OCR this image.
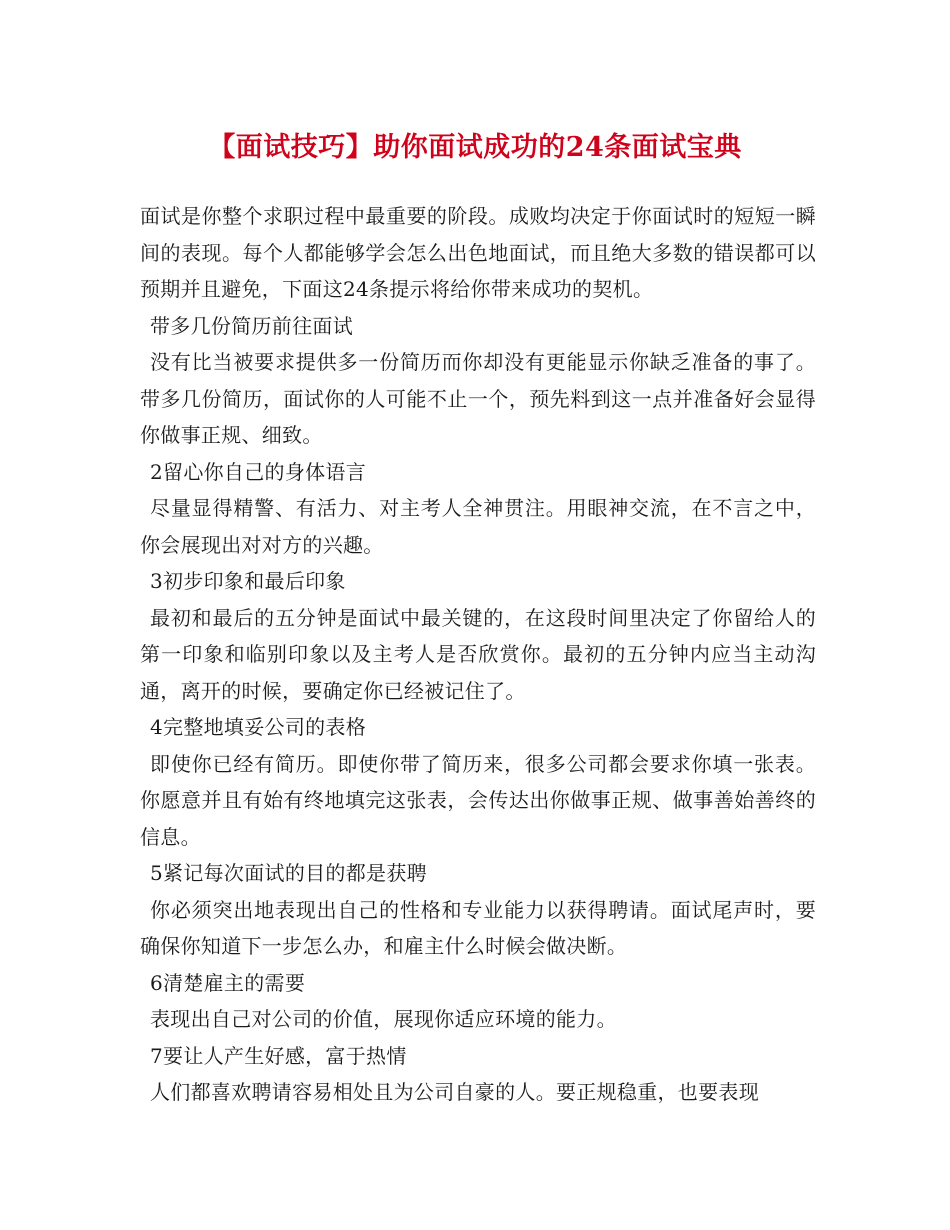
【面试技巧】助你面试成功的24条面试宝典

面试是你整个求职过程中最重要的阶段。成败均决定于你面试时的短短一瞬间的表现。每个人都能够学会怎么出色地面试，而且绝大多数的错误都可以预期并且避免，下面这24条提示将给你带来成功的契机。

带多几份简历前往面试

没有比当被要求提供多一份简历而你却没有更能显示你缺乏准备的事了。带多几份简历，面试你的人可能不止一个，预先料到这一点并准备好会显得你做事正规、细致。

2留心你自己的身体语言

尽量显得精警、有活力、对主考人全神贯注。用眼神交流，在不言之中，你会展现出对对方的兴趣。

3初步印象和最后印象

最初和最后的五分钟是面试中最关键的，在这段时间里决定了你留给人的第一印象和临别印象以及主考人是否欣赏你。最初的五分钟内应当主动沟通，离开的时候，要确定你已经被记住了。

4完整地填妥公司的表格

即使你已经有简历。即使你带了简历来，很多公司都会要求你填一张表。你愿意并且有始有终地填完这张表，会传达出你做事正规、做事善始善终的信息。

5紧记每次面试的目的都是获聘

你必须突出地表现出自己的性格和专业能力以获得聘请。面试尾声时，要确保你知道下一步怎么办，和雇主什么时候会做决断。

6清楚雇主的需要

表现出自己对公司的价值，展现你适应环境的能力。

7要让人产生好感，富于热情

人们都喜欢聘请容易相处且为公司自豪的人。要正规稳重，也要表现
